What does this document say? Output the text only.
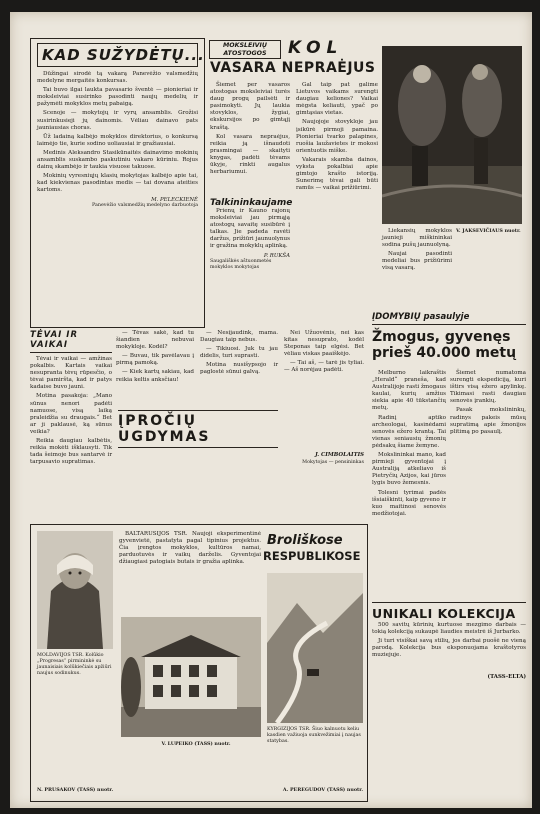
KAD SUŽYDĖTŲ...

Dūžingai sirodė tą vakarą Panevėžio valsmedžių medelyne mergaitės konkursas.

Tai buvo ilgai laukta pavasario šventė — pionieriai ir moksleiviai susirinko pasodinti naujų medelių ir pažymėti mokyklos metų pabaigą.

Scenoje — mokytojų ir vyrų ansamblis. Grožisi susirinkusieji jų dainomis. Vėliau dainavo pats jauniausias choras.

Ūž ladainą kalbėjo mokyklos direktorius, o konkursą laimėjo tie, kurie sodino uoliausiai ir gražiausiai.

Medinis Aleksandro Stasikūnaitės dainavimo mokinių ansamblis suskambo paskutiniu vakaro kūriniu. Rojus dainų skambėjo ir taukia visuose takuose.

Mokinių vyresniųjų klasių mokytojas kalbėjo apie tai, kad kiekvienas pasodintas medis — tai dovana ateities kartoms.

M. PELECKIENĖ
Panevėžio valsmedžių medelyno darbuotoja
MOKSLEIVIŲ ATOSTOGOS	KOL
VASARA NEPRAĖJUS

Šiemet per vasaros atostogas moksleiviai turės daug progų pailsėti ir pasimokyti. Jų laukia stovyklos, žygiai, ekskursijos po gimtąjį kraštą.

Kol vasara nepraėjus, reikia ją išnaudoti prasmingai — skaityti knygas, padėti tėvams ūkyje, rinkti augalus herbariumui.

Talkininkaujame

Prienų ir Kauno rajonų moksleiviai jau pirmąją atostogų savaitę susibūrė į talkas. Jie padeda ravėti daržus, prižiūri jaunuolynus ir gražina mokyklų aplinką.

P. RUKŠA
Saugališkės aštuonmetės mokyklos mokytojas

Gal taip pat galime Lietuvos vaikams surengti daugiau keliones? Vaikai mėgsta keliauti, ypač po gimtąsias vietas.

Naujojoje stovykloje jau įsikūrė pirmoji pamaina. Pionieriai tvarko palapines, ruošia laužavietes ir mokosi orientuotis miške.

Vakarais skamba dainos, vyksta pokalbiai apie gimtojo krašto istoriją. Sunerimę tėvai gali būti ramūs — vaikai prižiūrimi.

Liekansių mokyklos jaunieji miškininkai sodina pušų jaunuolyną.

Naujai pasodinti medeliai bus prižiūrimi visą vasarą.

V. JAKSEVIČIAUS nuotr.
TĖVAI IR VAIKAI

Tėvai ir vaikai — amžinas pokalbis. Kartais vaikai nesupranta tėvų rūpesčio, o tėvai pamiršta, kad ir patys kadaise buvo jauni.

Motina pasakoja: „Mano sūnus nenori padėti namuose, visą laiką praleidžia su draugais.“ Bet ar ji paklausė, ką sūnus veikia?

Reikia daugiau kalbėtis, reikia mokėti išklausyti. Tik tada šeimoje bus santarvė ir tarpusavio supratimas.

— Tėvas sakė, kad tu šiandien nebuvai mokykloje. Kodėl?

— Buvau, tik pavėlavau į pirmą pamoką.

— Kiek kartų sakiau, kad reikia keltis anksčiau!

— Nesijaudink, mama. Daugiau taip nebus.

— Tikiuosi. Juk tu jau didelis, turi suprasti.

Motina nusišypsojo ir paglostė sūnui galvą.

Nei Užuovėnis, nei kas kitas nesuprato, kodėl Steponas taip elgėsi. Bet vėliau viskas paaiškėjo.

— Tai aš, — tarė jis tyliai. — Aš norėjau padėti.

ĮPROČIŲ UGDYMAS
J. CIMBOLAITIS
Mokytojas — pensininkas
ĮDOMYBIŲ pasaulyje
Žmogus, gyvenęs prieš 40.000 metų

Melburno laikraštis „Herald“ praneša, kad Australijoje rasti žmogaus kaulai, kurių amžius siekia apie 40 tūkstančių metų.

Radinį aptiko archeologai, kasinėdami senovės ežero krantą. Tai vienas seniausių žmonių pėdsakų šiame žemyne.

Mokslininkai mano, kad pirmieji gyventojai į Australiją atkeliavo iš Pietryčių Azijos, kai jūros lygis buvo žemesnis.

Tolesni tyrimai padės išsiaiškinti, kaip gyveno ir kuo maitinosi senovės medžiotojai.

Šiemet numatoma surengti ekspediciją, kuri ištirs visą ežero apylinkę. Tikimasi rasti daugiau senovės įrankių.

Pasak mokslininkų, radinys pakeis mūsų supratimą apie žmonijos plitimą po pasaulį.

UNIKALI KOLEKCIJA

500 savitų kūrinių kurtuose mezgimo darbais — tokią kolekciją sukaupė liaudies meistrė iš Jurbarko.

Ji turi visiškai savą stilių, jos darbai puošė ne vieną parodą. Kolekcija bus eksponuojama kraštotyros muziejuje.

(TASS-ELTA)
MOLDAVIJOS TSR. Kolūkio „Progresas“ pirmininkė su jaunaisiais kolūkiečiais apžiūri naujus sodinukus.
N. PRUSAKOV (TASS) nuotr.

BALTARUSIJOS TSR. Naujoji eksperimentinė gyvenvietė, pastatyta pagal tipinius projektus. Čia įrengtos mokyklos, kultūros namai, parduotuvės ir vaikų darželis. Gyventojai džiaugiasi patogiais butais ir gražia aplinka.

Broliškose
RESPUBLIKOSE
V. LUPEIKO (TASS) nuotr.
KYRGIZIJOS TSR. Šiuo kalnuotu keliu kasdien važiuoja sunkvežimiai į naujas statybas.
A. PEREGUDOV (TASS) nuotr.
